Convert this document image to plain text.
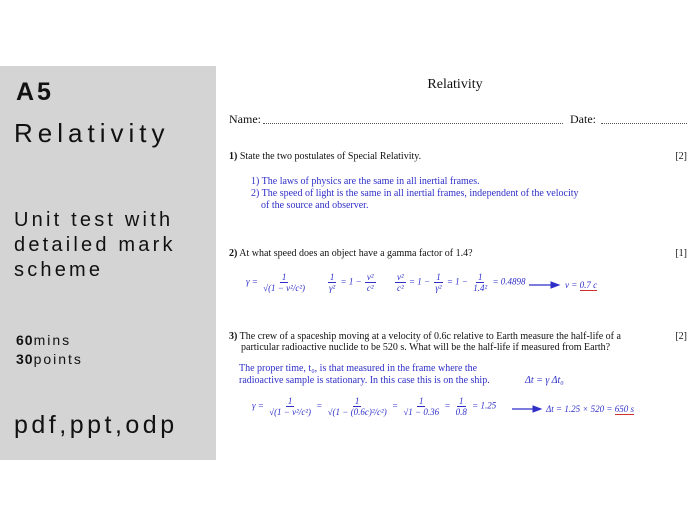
A5
Relativity
Unit test with
detailed mark
scheme
60mins
30points
pdf,ppt,odp
Relativity
Name:	Date:
1) State the two postulates of Special Relativity.	[2]
1) The laws of physics are the same in all inertial frames.
2) The speed of light is the same in all inertial frames, independent of the velocity
of the source and observer.
2) At what speed does an object have a gamma factor of 1.4?	[1]
$\gamma = \frac{1}{\text{√(1 − v²/c²)}} \frac{1}{\text{γ²}} = 1 - \frac{\text{v²}}{\text{c²}} \frac{\text{v²}}{\text{c²}} = 1 - \frac{1}{\text{γ²}} = 1 - \frac{1}{\text{1.4²}} = 0.4898$	v = 0.7 c
3) The crew of a spaceship moving at a velocity of 0.6c relative to Earth measure the half-life of a
particular radioactive nuclide to be 520 s. What will be the half-life if measured from Earth?
[2]
The proper time, t₀, is that measured in the frame where the
radioactive sample is stationary. In this case this is on the ship.	Δt = γ Δt₀
$\gamma = \frac{1}{\text{√(1 − v²/c²)}} = \frac{1}{\text{√(1 − (0.6c)²/c²)}} = \frac{1}{√1 - 0.36} = \frac{1}{0.8} = 1.25$	Δt = 1.25 × 520 = 650 s
